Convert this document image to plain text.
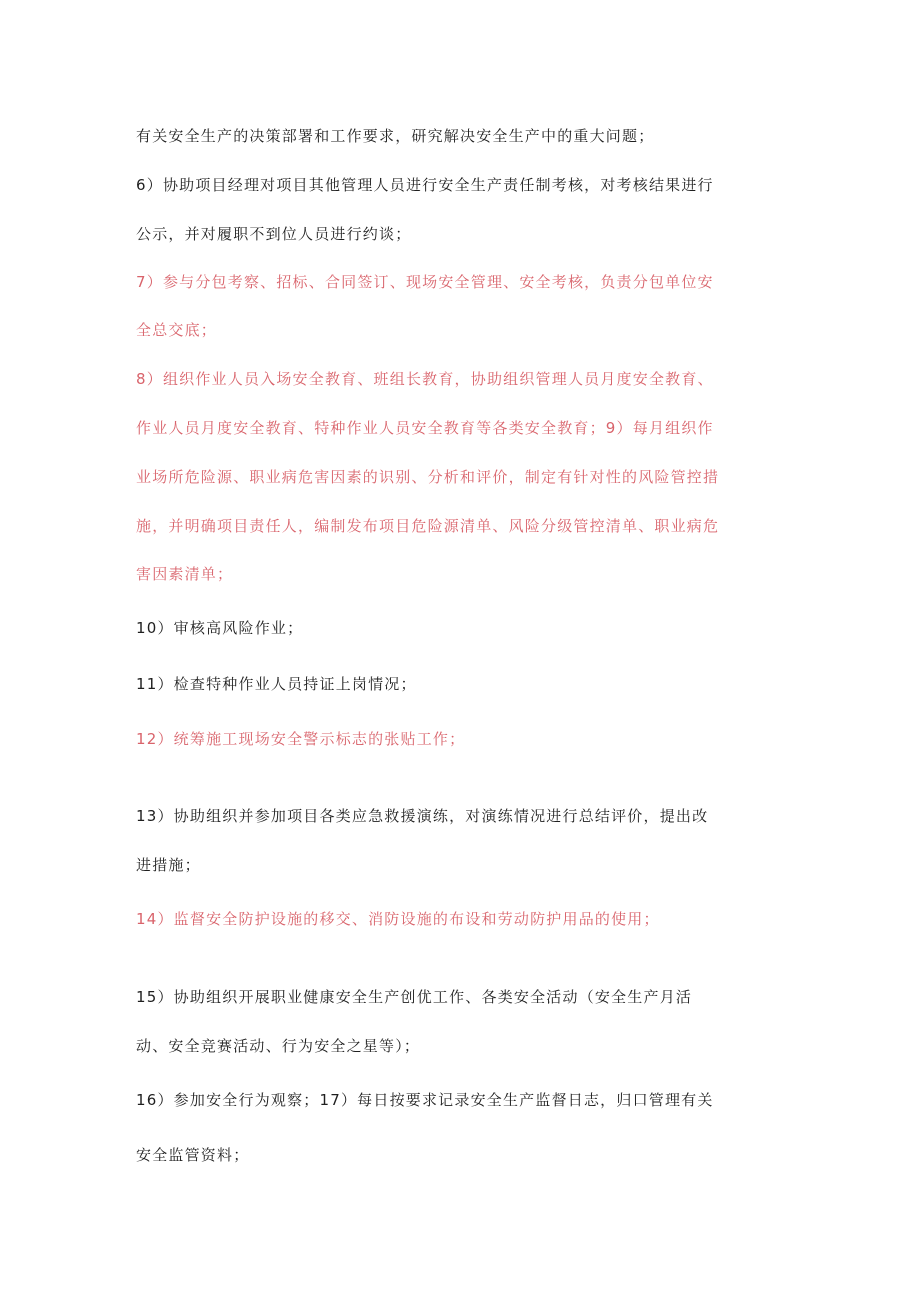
有关安全生产的决策部署和工作要求，研究解决安全生产中的重大问题；
6）协助项目经理对项目其他管理人员进行安全生产责任制考核，对考核结果进行
公示，并对履职不到位人员进行约谈；
7）参与分包考察、招标、合同签订、现场安全管理、安全考核，负责分包单位安
全总交底；
8）组织作业人员入场安全教育、班组长教育，协助组织管理人员月度安全教育、
作业人员月度安全教育、特种作业人员安全教育等各类安全教育；9）每月组织作
业场所危险源、职业病危害因素的识别、分析和评价，制定有针对性的风险管控措
施，并明确项目责任人，编制发布项目危险源清单、风险分级管控清单、职业病危
害因素清单；
10）审核高风险作业；
11）检查特种作业人员持证上岗情况；
12）统筹施工现场安全警示标志的张贴工作；
13）协助组织并参加项目各类应急救援演练，对演练情况进行总结评价，提出改
进措施；
14）监督安全防护设施的移交、消防设施的布设和劳动防护用品的使用；
15）协助组织开展职业健康安全生产创优工作、各类安全活动（安全生产月活
动、安全竞赛活动、行为安全之星等）；
16）参加安全行为观察；17）每日按要求记录安全生产监督日志，归口管理有关
安全监管资料；
